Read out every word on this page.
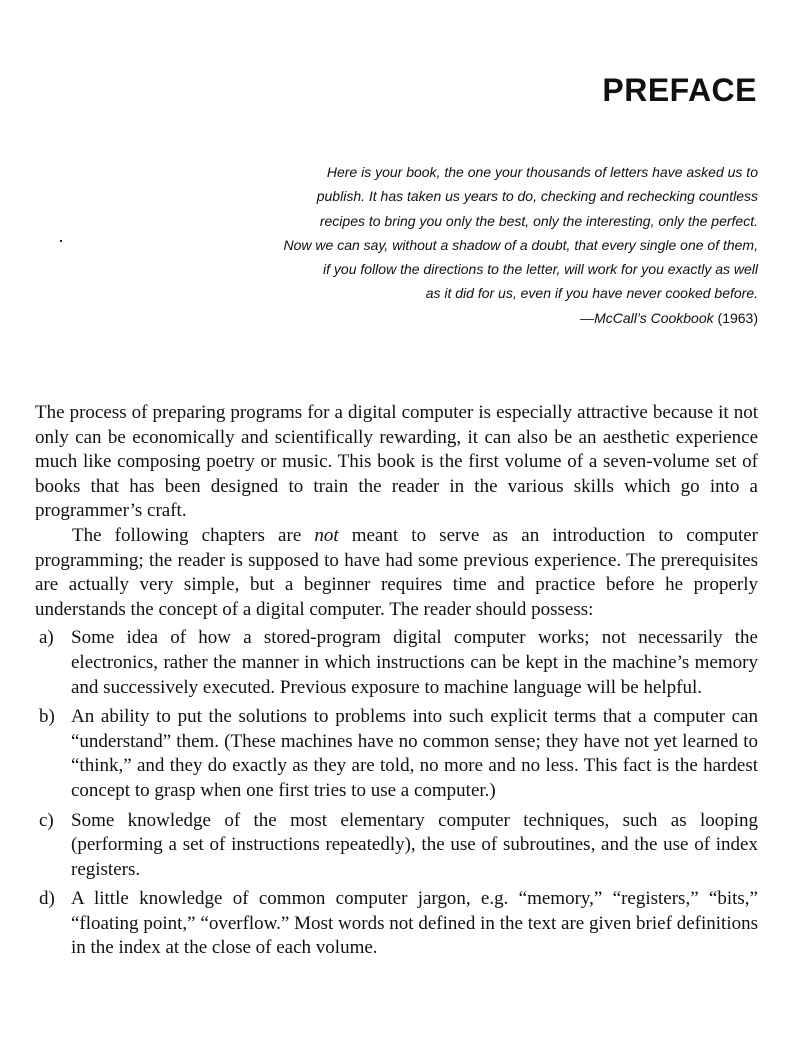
PREFACE
Here is your book, the one your thousands of letters have asked us to
publish. It has taken us years to do, checking and rechecking countless
recipes to bring you only the best, only the interesting, only the perfect.
Now we can say, without a shadow of a doubt, that every single one of them,
if you follow the directions to the letter, will work for you exactly as well
as it did for us, even if you have never cooked before.
—McCall’s Cookbook (1963)

The process of preparing programs for a digital computer is especially attractive because it not only can be economically and scientifically rewarding, it can also be an aesthetic experience much like composing poetry or music. This book is the first volume of a seven-volume set of books that has been designed to train the reader in the various skills which go into a programmer’s craft.

The following chapters are not meant to serve as an introduction to computer programming; the reader is supposed to have had some previous experience. The prerequisites are actually very simple, but a beginner requires time and practice before he properly understands the concept of a digital computer. The reader should possess:

a) Some idea of how a stored-program digital computer works; not necessarily the electronics, rather the manner in which instructions can be kept in the machine’s memory and successively executed. Previous exposure to machine language will be helpful.
b) An ability to put the solutions to problems into such explicit terms that a computer can “understand” them. (These machines have no common sense; they have not yet learned to “think,” and they do exactly as they are told, no more and no less. This fact is the hardest concept to grasp when one first tries to use a computer.)
c) Some knowledge of the most elementary computer techniques, such as looping (performing a set of instructions repeatedly), the use of subroutines, and the use of index registers.
d) A little knowledge of common computer jargon, e.g. “memory,” “registers,” “bits,” “floating point,” “overflow.” Most words not defined in the text are given brief definitions in the index at the close of each volume.
